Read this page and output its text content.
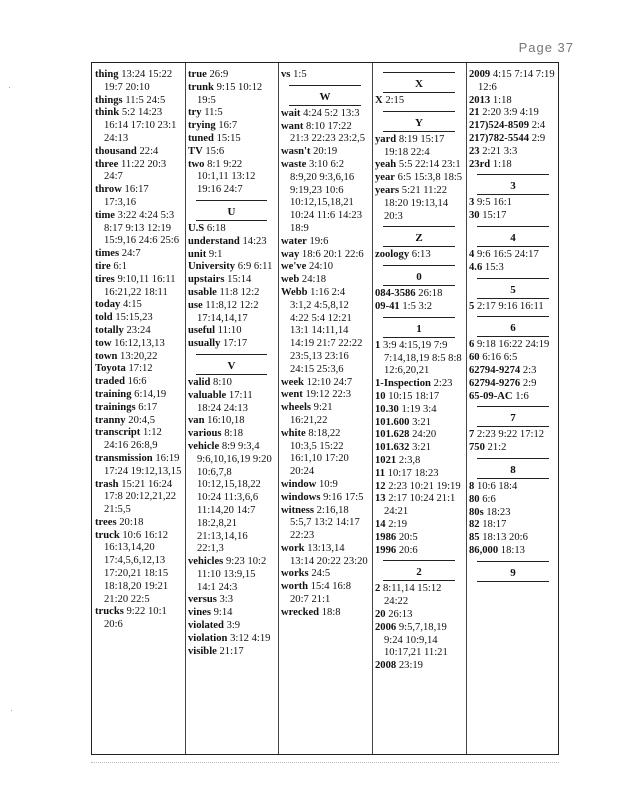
Page 37
thing 13:24 15:22 19:7 20:10
things 11:5 24:5
think 5:2 14:23 16:14 17:10 23:1 24:13
thousand 22:4
three 11:22 20:3 24:7
throw 16:17 17:3,16
time 3:22 4:24 5:3 8:17 9:13 12:19 15:9,16 24:6 25:6
times 24:7
tire 6:1
tires 9:10,11 16:11 16:21,22 18:11
today 4:15
told 15:15,23
totally 23:24
tow 16:12,13,13
town 13:20,22
Toyota 17:12
traded 16:6
training 6:14,19
trainings 6:17
tranny 20:4,5
transcript 1:12 24:16 26:8,9
transmission 16:19 17:24 19:12,13,15
trash 15:21 16:24 17:8 20:12,21,22 21:5,5
trees 20:18
truck 10:6 16:12 16:13,14,20 17:4,5,6,12,13 17:20,21 18:15 18:18,20 19:21 21:20 22:5
trucks 9:22 10:1 20:6
true 26:9
trunk 9:15 10:12 19:5
try 11:5
trying 16:7
tuned 15:15
TV 15:6
two 8:1 9:22 10:1,11 13:12 19:16 24:7
U
U.S 6:18
understand 14:23
unit 9:1
University 6:9 6:11
upstairs 15:14
usable 11:8 12:2
use 11:8,12 12:2 17:14,14,17
useful 11:10
usually 17:17
V
valid 8:10
valuable 17:11 18:24 24:13
van 16:10,18
various 8:18
vehicle 8:9 9:3,4 9:6,10,16,19 9:20 10:6,7,8 10:12,15,18,22 10:24 11:3,6,6 11:14,20 14:7 18:2,8,21 21:13,14,16 22:1,3
vehicles 9:23 10:2 11:10 13:9,15 14:1 24:3
versus 3:3
vines 9:14
violated 3:9
violation 3:12 4:19
visible 21:17
vs 1:5
W
wait 4:24 5:2 13:3
want 8:10 17:22 21:3 22:23 23:2,5
wasn't 20:19
waste 3:10 6:2 8:9,20 9:3,6,16 9:19,23 10:6 10:12,15,18,21 10:24 11:6 14:23 18:9
water 19:6
way 18:6 20:1 22:6
we've 24:10
web 24:18
Webb 1:16 2:4 3:1,2 4:5,8,12 4:22 5:4 12:21 13:1 14:11,14 14:19 21:7 22:22 23:5,13 23:16 24:15 25:3,6
week 12:10 24:7
went 19:12 22:3
wheels 9:21 16:21,22
white 8:18,22 10:3,5 15:22 16:1,10 17:20 20:24
window 10:9
windows 9:16 17:5
witness 2:16,18 5:5,7 13:2 14:17 22:23
work 13:13,14 13:14 20:22 23:20
works 24:5
worth 15:4 16:8 20:7 21:1
wrecked 18:8
X
X 2:15
Y
yard 8:19 15:17 19:18 22:4
yeah 5:5 22:14 23:1
year 6:5 15:3,8 18:5
years 5:21 11:22 18:20 19:13,14 20:3
Z
zoology 6:13
0
084-3586 26:18
09-41 1:5 3:2
1
1 3:9 4:15,19 7:9 7:14,18,19 8:5 8:8 12:6,20,21
1-Inspection 2:23
10 10:15 18:17
10.30 1:19 3:4
101.600 3:21
101.628 24:20
101.632 3:21
1021 2:3,8
11 10:17 18:23
12 2:23 10:21 19:19
13 2:17 10:24 21:1 24:21
14 2:19
1986 20:5
1996 20:6
2
2 8:11,14 15:12 24:22
20 26:13
2006 9:5,7,18,19 9:24 10:9,14 10:17,21 11:21
2008 23:19
2009 4:15 7:14 7:19 12:6
2013 1:18
21 2:20 3:9 4:19
217)524-8509 2:4
217)782-5544 2:9
23 2:21 3:3
23rd 1:18
3
3 9:5 16:1
30 15:17
4
4 9:6 16:5 24:17
4.6 15:3
5
5 2:17 9:16 16:11
6
6 9:18 16:22 24:19
60 6:16 6:5
62794-9274 2:3
62794-9276 2:9
65-09-AC 1:6
7
7 2:23 9:22 17:12
750 21:2
8
8 10:6 18:4
80 6:6
80s 18:23
82 18:17
85 18:13 20:6
86,000 18:13
9
·
·
